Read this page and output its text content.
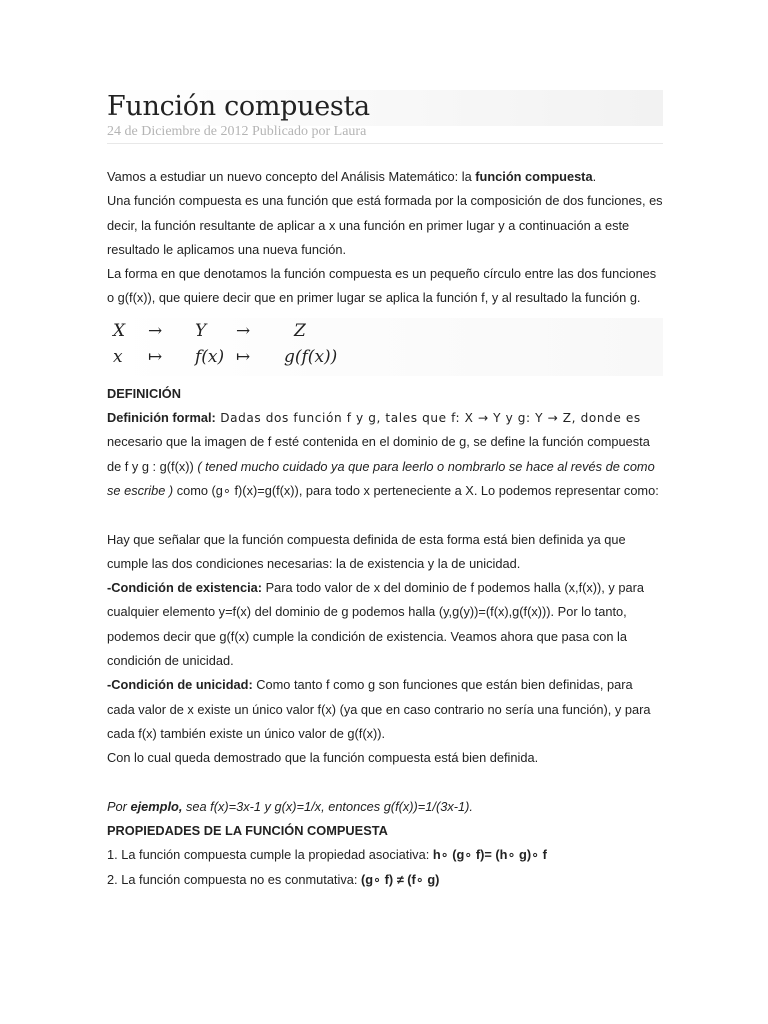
Función compuesta
24 de Diciembre de 2012 Publicado por Laura

Vamos a estudiar un nuevo concepto del Análisis Matemático: la función compuesta.

Una función compuesta es una función que está formada por la composición de dos funciones, es decir, la función resultante de aplicar a x una función en primer lugar y a continuación a este resultado le aplicamos una nueva función.

La forma en que denotamos la función compuesta es un pequeño círculo entre las dos funciones o g(f(x)), que quiere decir que en primer lugar se aplica la función f, y al resultado la función g.

X	→	Y	→	Z
x	↦	f(x) ↦	g(f(x))

DEFINICIÓN

Definición formal: Dadas dos función f y g, tales que f: X → Y y g: Y → Z, donde es necesario que la imagen de f esté contenida en el dominio de g, se define la función compuesta de f y g : g(f(x)) ( tened mucho cuidado ya que para leerlo o nombrarlo se hace al revés de como se escribe ) como (g∘ f)(x)=g(f(x)), para todo x perteneciente a X. Lo podemos representar como:

Hay que señalar que la función compuesta definida de esta forma está bien definida ya que cumple las dos condiciones necesarias: la de existencia y la de unicidad.

-Condición de existencia: Para todo valor de x del dominio de f podemos halla (x,f(x)), y para cualquier elemento y=f(x) del dominio de g podemos halla (y,g(y))=(f(x),g(f(x))). Por lo tanto, podemos decir que g(f(x) cumple la condición de existencia. Veamos ahora que pasa con la condición de unicidad.

-Condición de unicidad: Como tanto f como g son funciones que están bien definidas, para cada valor de x existe un único valor f(x) (ya que en caso contrario no sería una función), y para cada f(x) también existe un único valor de g(f(x)).

Con lo cual queda demostrado que la función compuesta está bien definida.

Por ejemplo, sea f(x)=3x-1 y g(x)=1/x, entonces g(f(x))=1/(3x-1).

PROPIEDADES DE LA FUNCIÓN COMPUESTA

1. La función compuesta cumple la propiedad asociativa: h∘ (g∘ f)= (h∘ g)∘ f

2. La función compuesta no es conmutativa: (g∘ f) ≠ (f∘ g)
